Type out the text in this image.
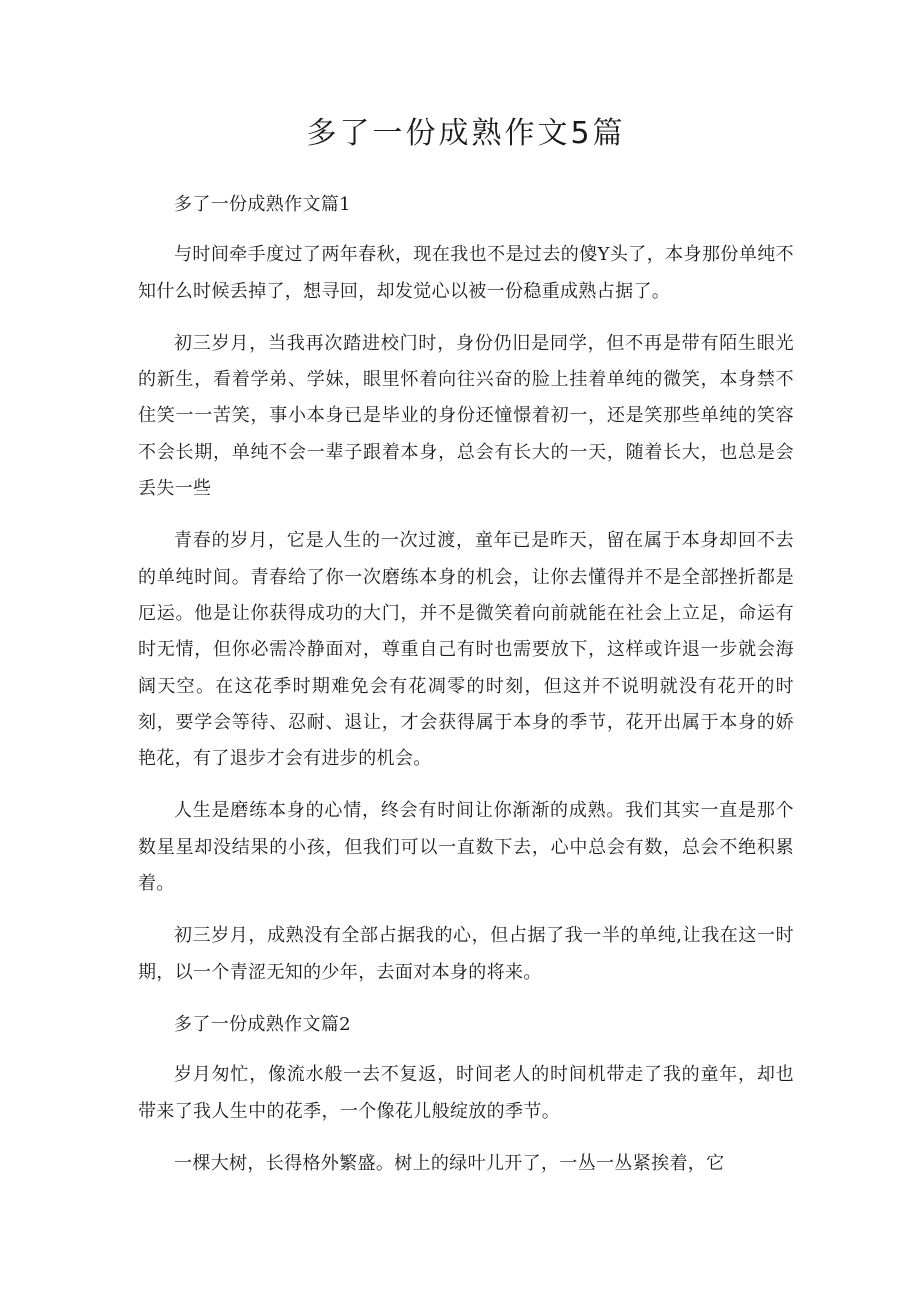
多了一份成熟作文5篇

多了一份成熟作文篇1

与时间牵手度过了两年春秋，现在我也不是过去的傻Y头了，本身那份单纯不知什么时候丢掉了，想寻回，却发觉心以被一份稳重成熟占据了。

初三岁月，当我再次踏进校门时，身份仍旧是同学，但不再是带有陌生眼光的新生，看着学弟、学妹，眼里怀着向往兴奋的脸上挂着单纯的微笑，本身禁不住笑一一苦笑，事小本身已是毕业的身份还憧憬着初一，还是笑那些单纯的笑容不会长期，单纯不会一辈子跟着本身，总会有长大的一天，随着长大，也总是会丢失一些

青春的岁月，它是人生的一次过渡，童年已是昨天，留在属于本身却回不去的单纯时间。青春给了你一次磨练本身的机会，让你去懂得并不是全部挫折都是厄运。他是让你获得成功的大门，并不是微笑着向前就能在社会上立足，命运有时无情，但你必需冷静面对，尊重自己有时也需要放下，这样或许退一步就会海阔天空。在这花季时期难免会有花凋零的时刻，但这并不说明就没有花开的时刻，要学会等待、忍耐、退让，才会获得属于本身的季节，花开出属于本身的娇艳花，有了退步才会有进步的机会。

人生是磨练本身的心情，终会有时间让你渐渐的成熟。我们其实一直是那个数星星却没结果的小孩，但我们可以一直数下去，心中总会有数，总会不绝积累着。

初三岁月，成熟没有全部占据我的心，但占据了我一半的单纯,让我在这一时期，以一个青涩无知的少年，去面对本身的将来。

多了一份成熟作文篇2

岁月匆忙，像流水般一去不复返，时间老人的时间机带走了我的童年，却也带来了我人生中的花季，一个像花儿般绽放的季节。

一棵大树，长得格外繁盛。树上的绿叶儿开了，一丛一丛紧挨着，它
